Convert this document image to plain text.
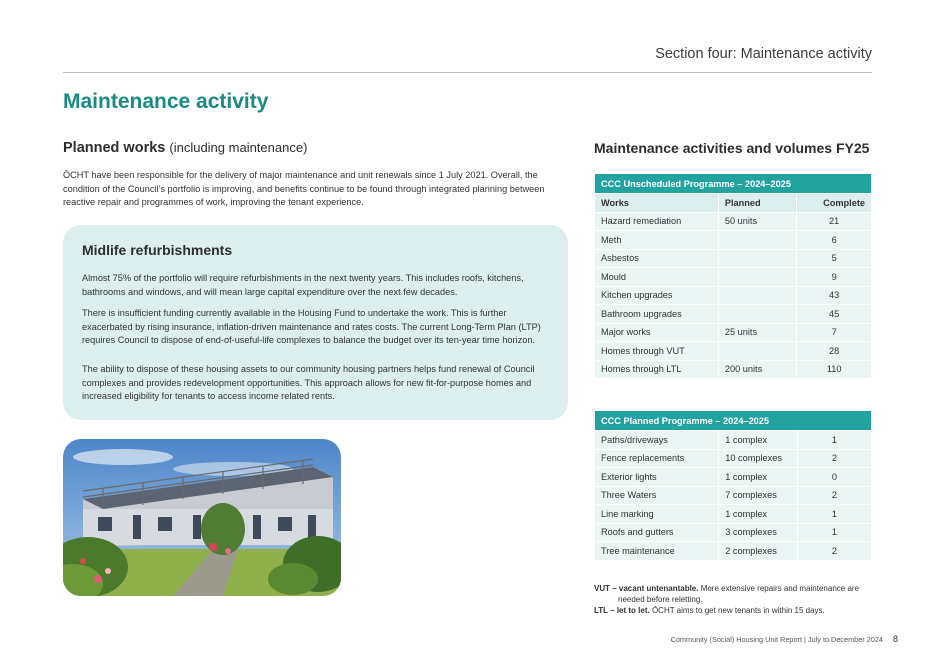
Section four: Maintenance activity
Maintenance activity
Planned works (including maintenance)
ŌCHT have been responsible for the delivery of major maintenance and unit renewals since 1 July 2021. Overall, the condition of the Council’s portfolio is improving, and benefits continue to be found through integrated planning between reactive repair and programmes of work, improving the tenant experience.
Midlife refurbishments

Almost 75% of the portfolio will require refurbishments in the next twenty years. This includes roofs, kitchens, bathrooms and windows, and will mean large capital expenditure over the next few decades.

There is insufficient funding currently available in the Housing Fund to undertake the work. This is further exacerbated by rising insurance, inflation-driven maintenance and rates costs. The current Long-Term Plan (LTP) requires Council to dispose of end-of-useful-life complexes to balance the budget over its ten-year time horizon.

The ability to dispose of these housing assets to our community housing partners helps fund renewal of Council complexes and provides redevelopment opportunities. This approach allows for new fit-for-purpose homes and increased eligibility for tenants to access income related rents.

Maintenance activities and volumes FY25
CCC Unscheduled Programme – 2024–2025		
Works	Planned	Complete
Hazard remediation	50 units	21
Meth		6
Asbestos		5
Mould		9
Kitchen upgrades		43
Bathroom upgrades		45
Major works	25 units	7
Homes through VUT		28
Homes through LTL	200 units	110
CCC Planned Programme – 2024–2025		
Paths/driveways	1 complex	1
Fence replacements	10 complexes	2
Exterior lights	1 complex	0
Three Waters	7 complexes	2
Line marking	1 complex	1
Roofs and gutters	3 complexes	1
Tree maintenance	2 complexes	2
VUT – vacant untenantable. More extensive repairs and maintenance are
needed before reletting.
LTL – let to let. ŌCHT aims to get new tenants in within 15 days.
Community (Social) Housing Unit Report | July to December 2024 8
